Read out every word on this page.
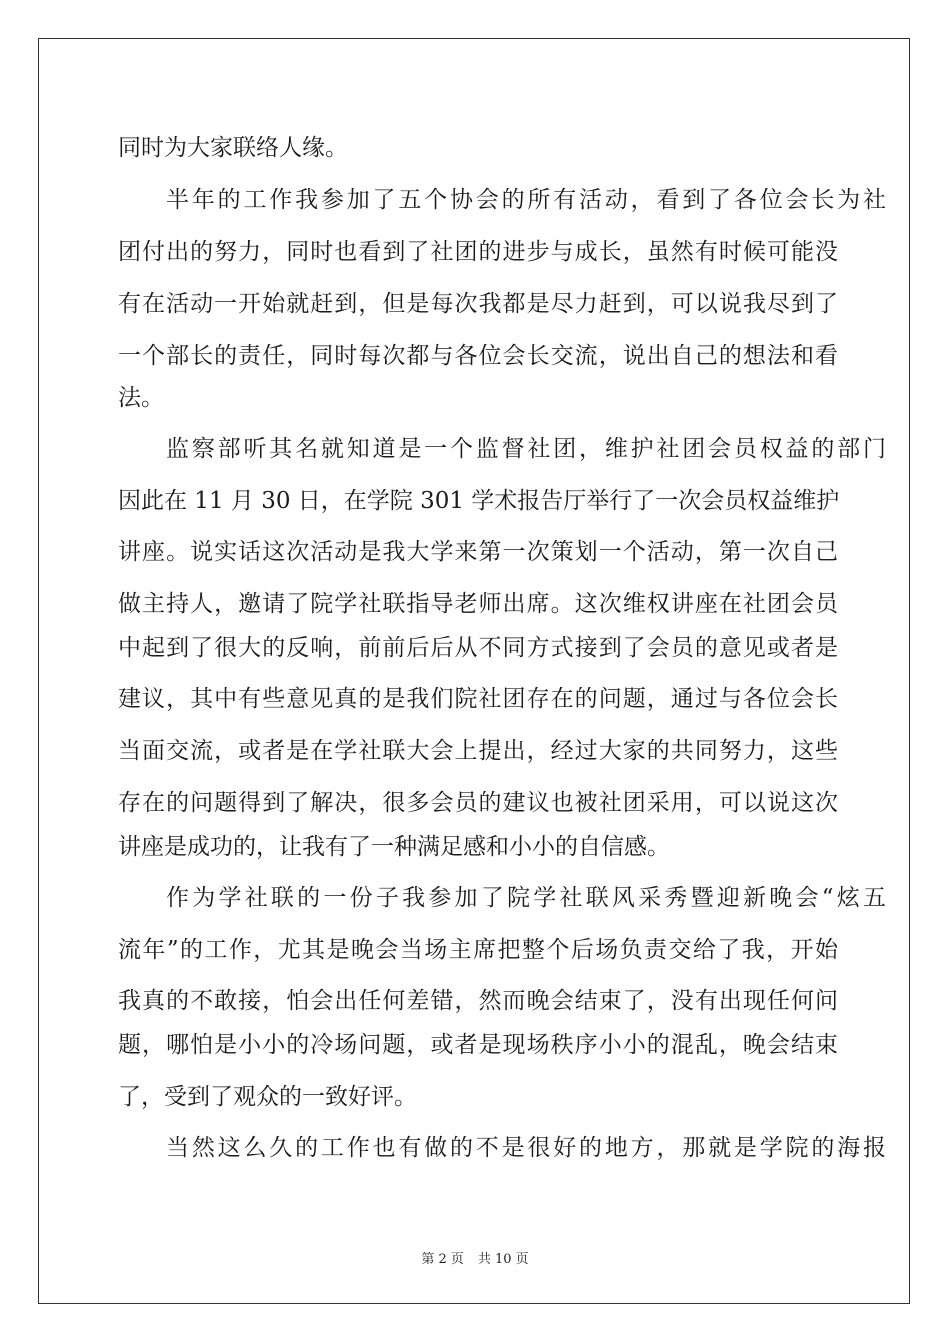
同时为大家联络人缘。
半年的工作我参加了五个协会的所有活动，看到了各位会长为社
团付出的努力，同时也看到了社团的进步与成长，虽然有时候可能没
有在活动一开始就赶到，但是每次我都是尽力赶到，可以说我尽到了
一个部长的责任，同时每次都与各位会长交流，说出自己的想法和看
法。
监察部听其名就知道是一个监督社团，维护社团会员权益的部门
因此在 11 月 30 日，在学院 301 学术报告厅举行了一次会员权益维护
讲座。说实话这次活动是我大学来第一次策划一个活动，第一次自己
做主持人，邀请了院学社联指导老师出席。这次维权讲座在社团会员
中起到了很大的反响，前前后后从不同方式接到了会员的意见或者是
建议，其中有些意见真的是我们院社团存在的问题，通过与各位会长
当面交流，或者是在学社联大会上提出，经过大家的共同努力，这些
存在的问题得到了解决，很多会员的建议也被社团采用，可以说这次
讲座是成功的，让我有了一种满足感和小小的自信感。
作为学社联的一份子我参加了院学社联风采秀暨迎新晚会“炫五
流年”的工作，尤其是晚会当场主席把整个后场负责交给了我，开始
我真的不敢接，怕会出任何差错，然而晚会结束了，没有出现任何问
题，哪怕是小小的冷场问题，或者是现场秩序小小的混乱，晚会结束
了，受到了观众的一致好评。
当然这么久的工作也有做的不是很好的地方，那就是学院的海报
第 2 页 共 10 页
